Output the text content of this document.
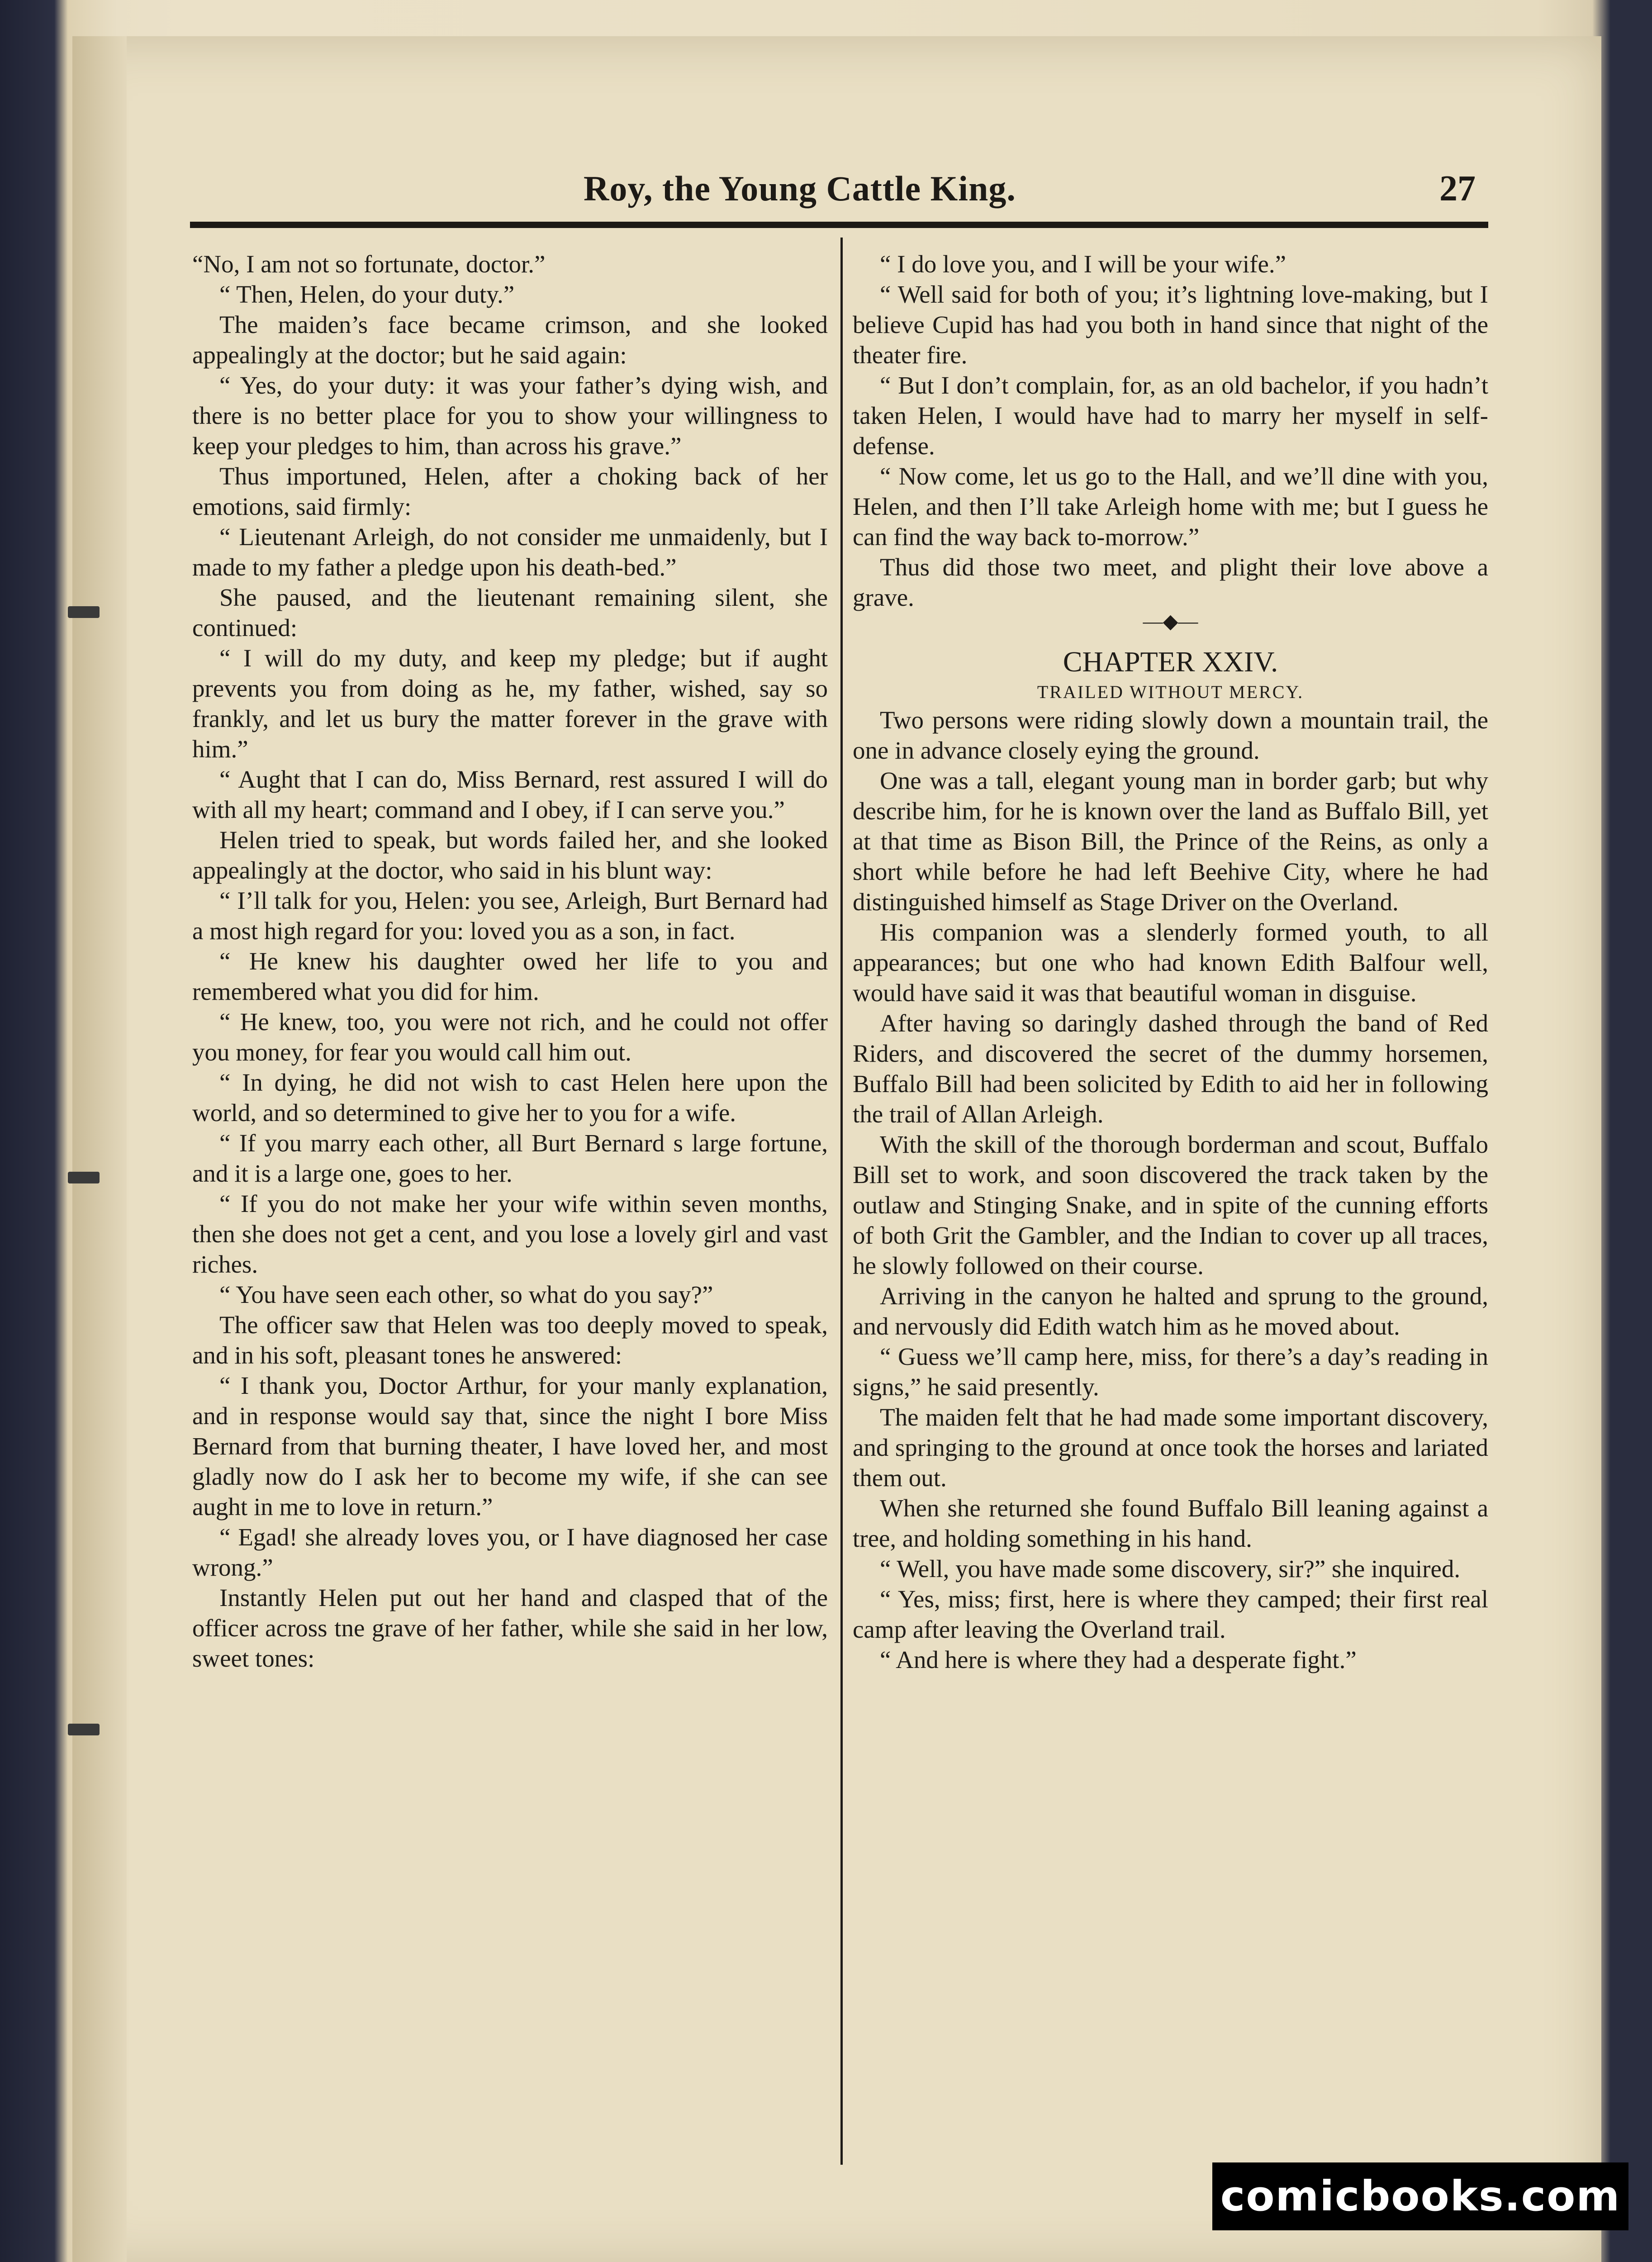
Roy, the Young Cattle King.	27

“No, I am not so fortunate, doctor.”

“ Then, Helen, do your duty.”

The maiden’s face became crimson, and she looked appealingly at the doctor; but he said again:

“ Yes, do your duty: it was your father’s dying wish, and there is no better place for you to show your willingness to keep your pledges to him, than across his grave.”

Thus importuned, Helen, after a choking back of her emotions, said firmly:

“ Lieutenant Arleigh, do not consider me unmaidenly, but I made to my father a pledge upon his death-bed.”

She paused, and the lieutenant remaining silent, she continued:

“ I will do my duty, and keep my pledge; but if aught prevents you from doing as he, my father, wished, say so frankly, and let us bury the matter forever in the grave with him.”

“ Aught that I can do, Miss Bernard, rest assured I will do with all my heart; command and I obey, if I can serve you.”

Helen tried to speak, but words failed her, and she looked appealingly at the doctor, who said in his blunt way:

“ I’ll talk for you, Helen: you see, Arleigh, Burt Bernard had a most high regard for you: loved you as a son, in fact.

“ He knew his daughter owed her life to you and remembered what you did for him.

“ He knew, too, you were not rich, and he could not offer you money, for fear you would call him out.

“ In dying, he did not wish to cast Helen here upon the world, and so determined to give her to you for a wife.

“ If you marry each other, all Burt Bernard s large fortune, and it is a large one, goes to her.

“ If you do not make her your wife within seven months, then she does not get a cent, and you lose a lovely girl and vast riches.

“ You have seen each other, so what do you say?”

The officer saw that Helen was too deeply moved to speak, and in his soft, pleasant tones he answered:

“ I thank you, Doctor Arthur, for your manly explanation, and in response would say that, since the night I bore Miss Bernard from that burning theater, I have loved her, and most gladly now do I ask her to become my wife, if she can see aught in me to love in return.”

“ Egad! she already loves you, or I have diagnosed her case wrong.”

Instantly Helen put out her hand and clasped that of the officer across tne grave of her father, while she said in her low, sweet tones:

“ I do love you, and I will be your wife.”

“ Well said for both of you; it’s lightning love-making, but I believe Cupid has had you both in hand since that night of the theater fire.

“ But I don’t complain, for, as an old bachelor, if you hadn’t taken Helen, I would have had to marry her myself in self-defense.

“ Now come, let us go to the Hall, and we’ll dine with you, Helen, and then I’ll take Arleigh home with me; but I guess he can find the way back to-morrow.”

Thus did those two meet, and plight their love above a grave.

—◆—

CHAPTER XXIV.

TRAILED WITHOUT MERCY.

Two persons were riding slowly down a mountain trail, the one in advance closely eying the ground.

One was a tall, elegant young man in border garb; but why describe him, for he is known over the land as Buffalo Bill, yet at that time as Bison Bill, the Prince of the Reins, as only a short while before he had left Beehive City, where he had distinguished himself as Stage Driver on the Overland.

His companion was a slenderly formed youth, to all appearances; but one who had known Edith Balfour well, would have said it was that beautiful woman in disguise.

After having so daringly dashed through the band of Red Riders, and discovered the secret of the dummy horsemen, Buffalo Bill had been solicited by Edith to aid her in following the trail of Allan Arleigh.

With the skill of the thorough borderman and scout, Buffalo Bill set to work, and soon discovered the track taken by the outlaw and Stinging Snake, and in spite of the cunning efforts of both Grit the Gambler, and the Indian to cover up all traces, he slowly followed on their course.

Arriving in the canyon he halted and sprung to the ground, and nervously did Edith watch him as he moved about.

“ Guess we’ll camp here, miss, for there’s a day’s reading in signs,” he said presently.

The maiden felt that he had made some important discovery, and springing to the ground at once took the horses and lariated them out.

When she returned she found Buffalo Bill leaning against a tree, and holding something in his hand.

“ Well, you have made some discovery, sir?” she inquired.

“ Yes, miss; first, here is where they camped; their first real camp after leaving the Overland trail.

“ And here is where they had a desperate fight.”

comicbooks.com
